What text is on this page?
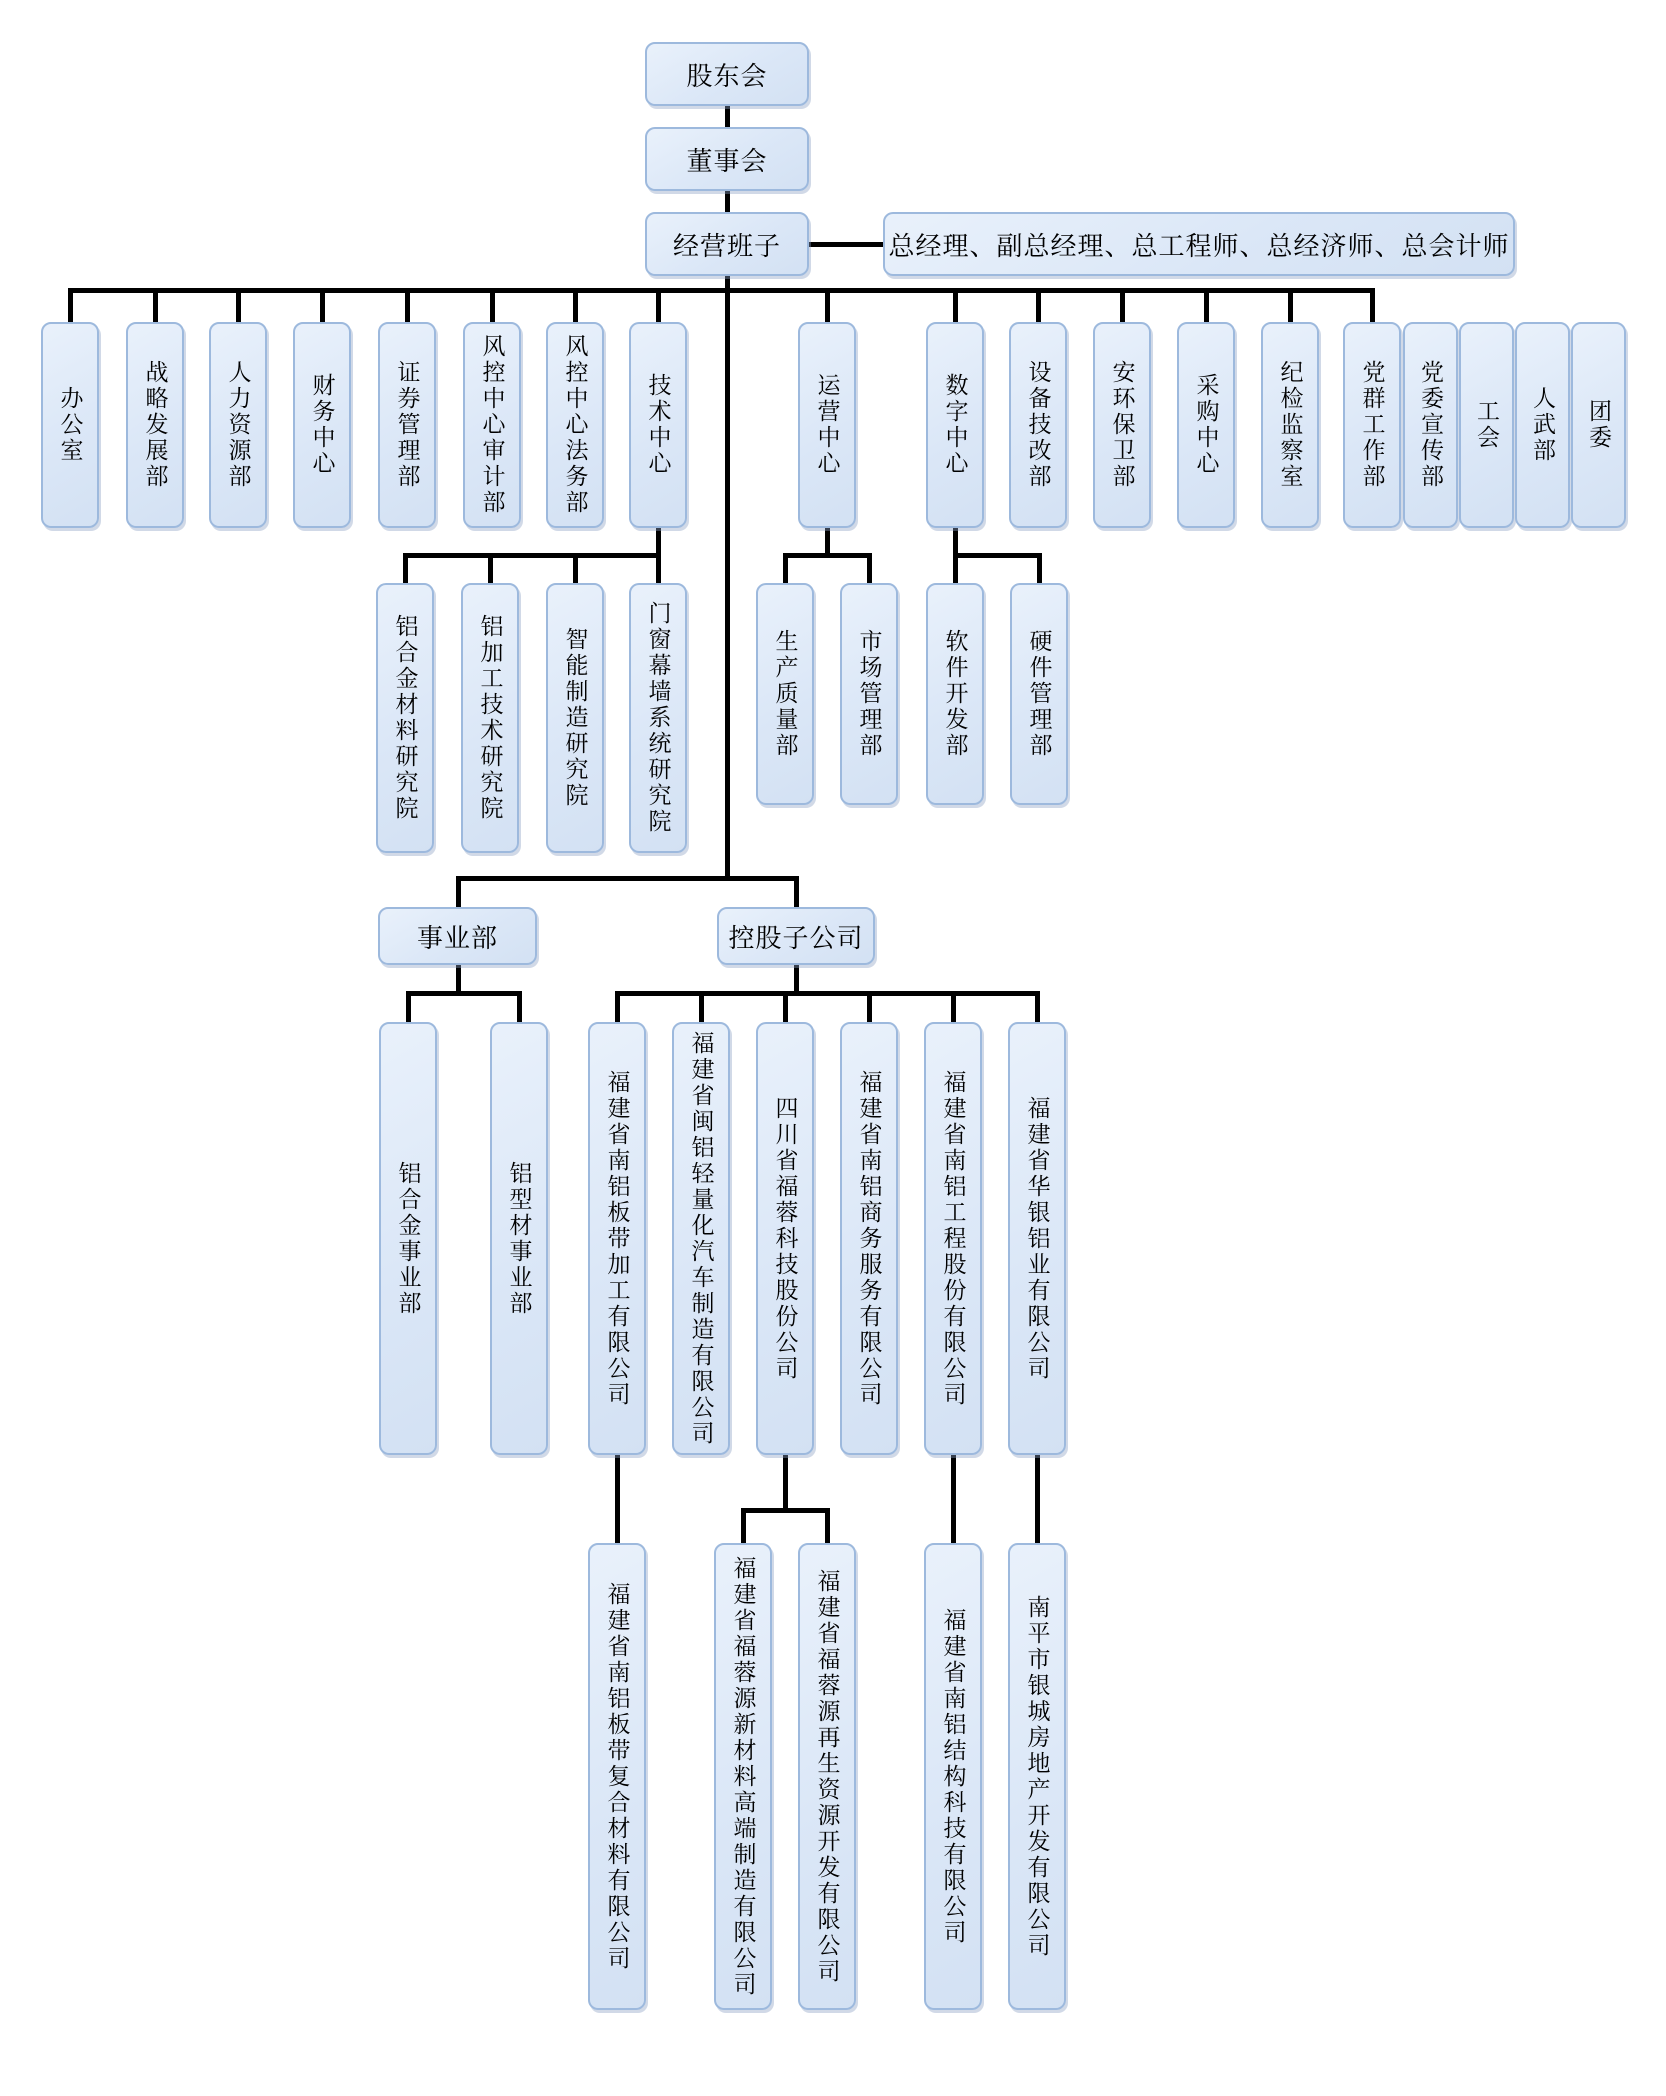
股东会
董事会
经营班子	总经理、副总经理、总工程师、总经济师、总会计师
办公室	战略发展部	人力资源部	财务中心	证券管理部	风控中心审计部	风控中心法务部	技术中心	运营中心	数字中心	设备技改部	安环保卫部	采购中心	纪检监察室 党群工作部 党委宣传部 工会 人武部 团委
铝合金材料研究院	铝加工技术研究院	智能制造研究院	门窗幕墙系统研究院	生产质量部	市场管理部	软件开发部	硬件管理部
事业部	控股子公司
铝合金事业部	铝型材事业部	福建省南铝板带加工有限公司	福建省闽铝轻量化汽车制造有限公司	四川省福蓉科技股份公司	福建省南铝商务服务有限公司	福建省南铝工程股份有限公司	福建省华银铝业有限公司
福建省南铝板带复合材料有限公司	福建省福蓉源新材料高端制造有限公司	福建省福蓉源再生资源开发有限公司	福建省南铝结构科技有限公司	南平市银城房地产开发有限公司
